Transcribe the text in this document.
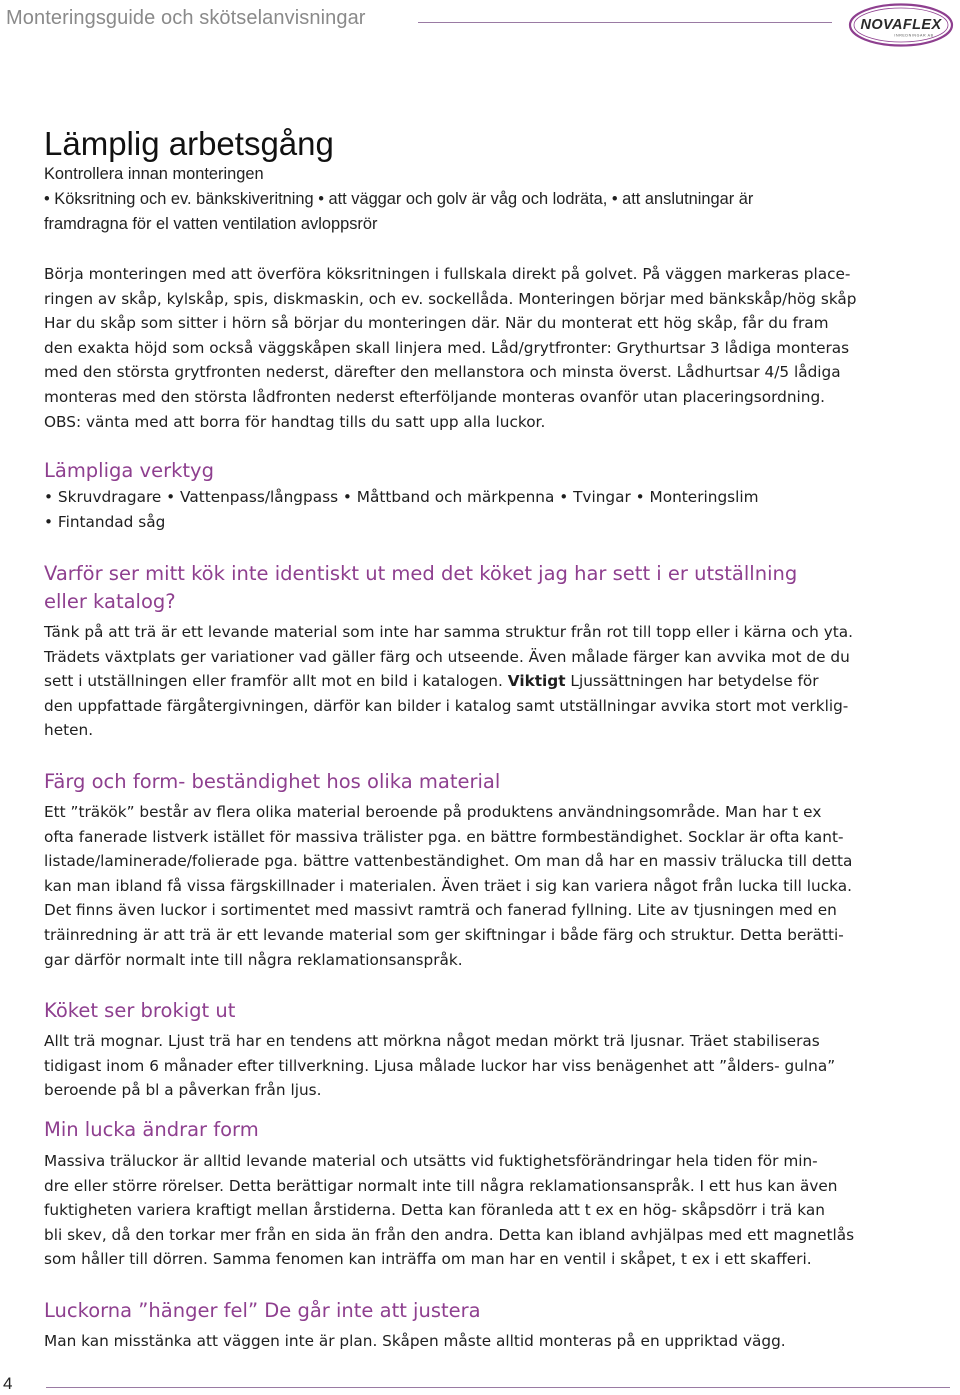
Monteringsguide och skötselanvisningar	NOVAFLEX
INREDNINGAR AB
Lämplig arbetsgång
Kontrollera innan monteringen
• Köksritning och ev. bänkskiveritning • att väggar och golv är våg och lodräta, • att anslutningar är
framdragna för el vatten ventilation avloppsrör
Börja monteringen med att överföra köksritningen i fullskala direkt på golvet. På väggen markeras place-
ringen av skåp, kylskåp, spis, diskmaskin, och ev. sockellåda. Monteringen börjar med bänkskåp/hög skåp
Har du skåp som sitter i hörn så börjar du monteringen där. När du monterat ett hög skåp, får du fram
den exakta höjd som också väggskåpen skall linjera med. Låd/grytfronter: Grythurtsar 3 lådiga monteras
med den största grytfronten nederst, därefter den mellanstora och minsta överst. Lådhurtsar 4/5 lådiga
monteras med den största lådfronten nederst efterföljande monteras ovanför utan placeringsordning.
OBS: vänta med att borra för handtag tills du satt upp alla luckor.
Lämpliga verktyg
• Skruvdragare • Vattenpass/långpass • Måttband och märkpenna • Tvingar • Monteringslim
• Fintandad såg
Varför ser mitt kök inte identiskt ut med det köket jag har sett i er utställning
eller katalog?
Tänk på att trä är ett levande material som inte har samma struktur från rot till topp eller i kärna och yta.
Trädets växtplats ger variationer vad gäller färg och utseende. Även målade färger kan avvika mot de du
sett i utställningen eller framför allt mot en bild i katalogen. Viktigt Ljussättningen har betydelse för
den uppfattade färgåtergivningen, därför kan bilder i katalog samt utställningar avvika stort mot verklig-
heten.
Färg och form- beständighet hos olika material
Ett ”träkök” består av flera olika material beroende på produktens användningsområde. Man har t ex
ofta fanerade listverk istället för massiva trälister pga. en bättre formbeständighet. Socklar är ofta kant-
listade/laminerade/folierade pga. bättre vattenbeständighet. Om man då har en massiv trälucka till detta
kan man ibland få vissa färgskillnader i materialen. Även träet i sig kan variera något från lucka till lucka.
Det finns även luckor i sortimentet med massivt ramträ och fanerad fyllning. Lite av tjusningen med en
träinredning är att trä är ett levande material som ger skiftningar i både färg och struktur. Detta berätti-
gar därför normalt inte till några reklamationsanspråk.
Köket ser brokigt ut
Allt trä mognar. Ljust trä har en tendens att mörkna något medan mörkt trä ljusnar. Träet stabiliseras
tidigast inom 6 månader efter tillverkning. Ljusa målade luckor har viss benägenhet att ”ålders- gulna”
beroende på bl a påverkan från ljus.
Min lucka ändrar form
Massiva träluckor är alltid levande material och utsätts vid fuktighetsförändringar hela tiden för min-
dre eller större rörelser. Detta berättigar normalt inte till några reklamationsanspråk. I ett hus kan även
fuktigheten variera kraftigt mellan årstiderna. Detta kan föranleda att t ex en hög- skåpsdörr i trä kan
bli skev, då den torkar mer från en sida än från den andra. Detta kan ibland avhjälpas med ett magnetlås
som håller till dörren. Samma fenomen kan inträffa om man har en ventil i skåpet, t ex i ett skafferi.
Luckorna ”hänger fel” De går inte att justera
Man kan misstänka att väggen inte är plan. Skåpen måste alltid monteras på en uppriktad vägg.
4
